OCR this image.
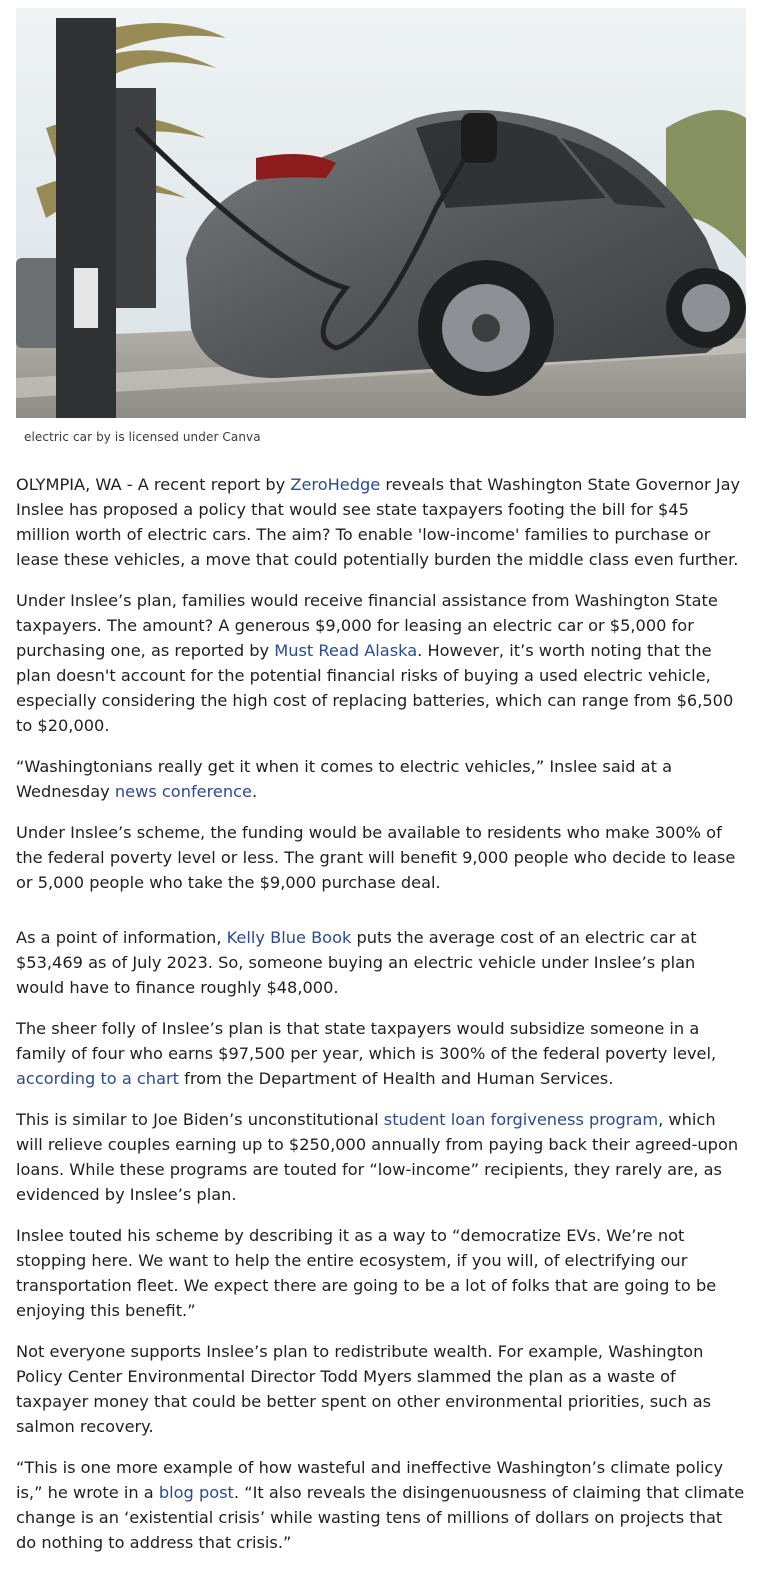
electric car by is licensed under Canva

OLYMPIA, WA - A recent report by ZeroHedge reveals that Washington State Governor Jay Inslee has proposed a policy that would see state taxpayers footing the bill for $45 million worth of electric cars. The aim? To enable 'low-income' families to purchase or lease these vehicles, a move that could potentially burden the middle class even further.

Under Inslee’s plan, families would receive financial assistance from Washington State taxpayers. The amount? A generous $9,000 for leasing an electric car or $5,000 for purchasing one, as reported by Must Read Alaska. However, it’s worth noting that the plan doesn't account for the potential financial risks of buying a used electric vehicle, especially considering the high cost of replacing batteries, which can range from $6,500 to $20,000.

“Washingtonians really get it when it comes to electric vehicles,” Inslee said at a Wednesday news conference.

Under Inslee’s scheme, the funding would be available to residents who make 300% of the federal poverty level or less. The grant will benefit 9,000 people who decide to lease or 5,000 people who take the $9,000 purchase deal.

As a point of information, Kelly Blue Book puts the average cost of an electric car at $53,469 as of July 2023. So, someone buying an electric vehicle under Inslee’s plan would have to finance roughly $48,000.

The sheer folly of Inslee’s plan is that state taxpayers would subsidize someone in a family of four who earns $97,500 per year, which is 300% of the federal poverty level, according to a chart from the Department of Health and Human Services.

This is similar to Joe Biden’s unconstitutional student loan forgiveness program, which will relieve couples earning up to $250,000 annually from paying back their agreed-upon loans. While these programs are touted for “low-income” recipients, they rarely are, as evidenced by Inslee’s plan.

Inslee touted his scheme by describing it as a way to “democratize EVs. We’re not stopping here. We want to help the entire ecosystem, if you will, of electrifying our transportation fleet. We expect there are going to be a lot of folks that are going to be enjoying this benefit.”

Not everyone supports Inslee’s plan to redistribute wealth. For example, Washington Policy Center Environmental Director Todd Myers slammed the plan as a waste of taxpayer money that could be better spent on other environmental priorities, such as salmon recovery.

“This is one more example of how wasteful and ineffective Washington’s climate policy is,” he wrote in a blog post. “It also reveals the disingenuousness of claiming that climate change is an ‘existential crisis’ while wasting tens of millions of dollars on projects that do nothing to address that crisis.”
